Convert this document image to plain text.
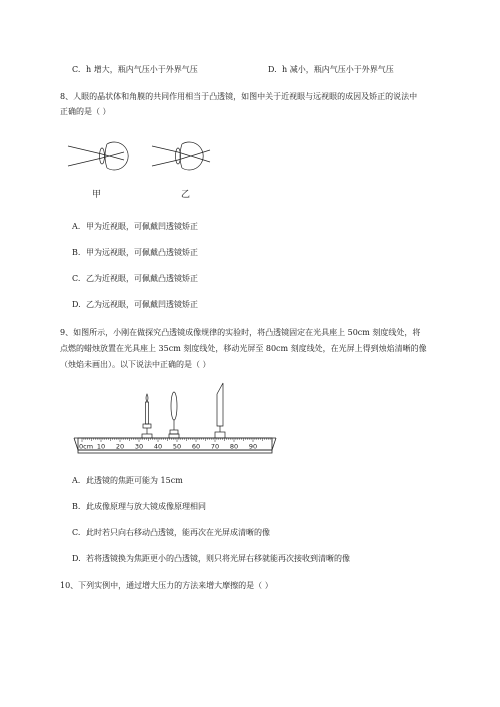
C. h 增大，瓶内气压小于外界气压	D. h 减小，瓶内气压小于外界气压
8、人眼的晶状体和角膜的共同作用相当于凸透镜，如图中关于近视眼与远视眼的成因及矫正的说法中
正确的是（ ）
甲	乙
A. 甲为近视眼，可佩戴凹透镜矫正
B. 甲为远视眼，可佩戴凸透镜矫正
C. 乙为近视眼，可佩戴凸透镜矫正
D. 乙为远视眼，可佩戴凹透镜矫正
9、如图所示，小刚在做探究凸透镜成像规律的实验时，将凸透镜固定在光具座上 50cm 刻度线处，将
点燃的蜡烛放置在光具座上 35cm 刻度线处，移动光屏至 80cm 刻度线处，在光屏上得到烛焰清晰的像
（烛焰未画出）。以下说法中正确的是（ ）
0cm 10 20 30 40 50 60 70 80 90
A. 此透镜的焦距可能为 15cm
B. 此成像原理与放大镜成像原理相同
C. 此时若只向右移动凸透镜，能再次在光屏成清晰的像
D. 若将透镜换为焦距更小的凸透镜，则只将光屏右移就能再次接收到清晰的像
10、下列实例中，通过增大压力的方法来增大摩擦的是（ ）
